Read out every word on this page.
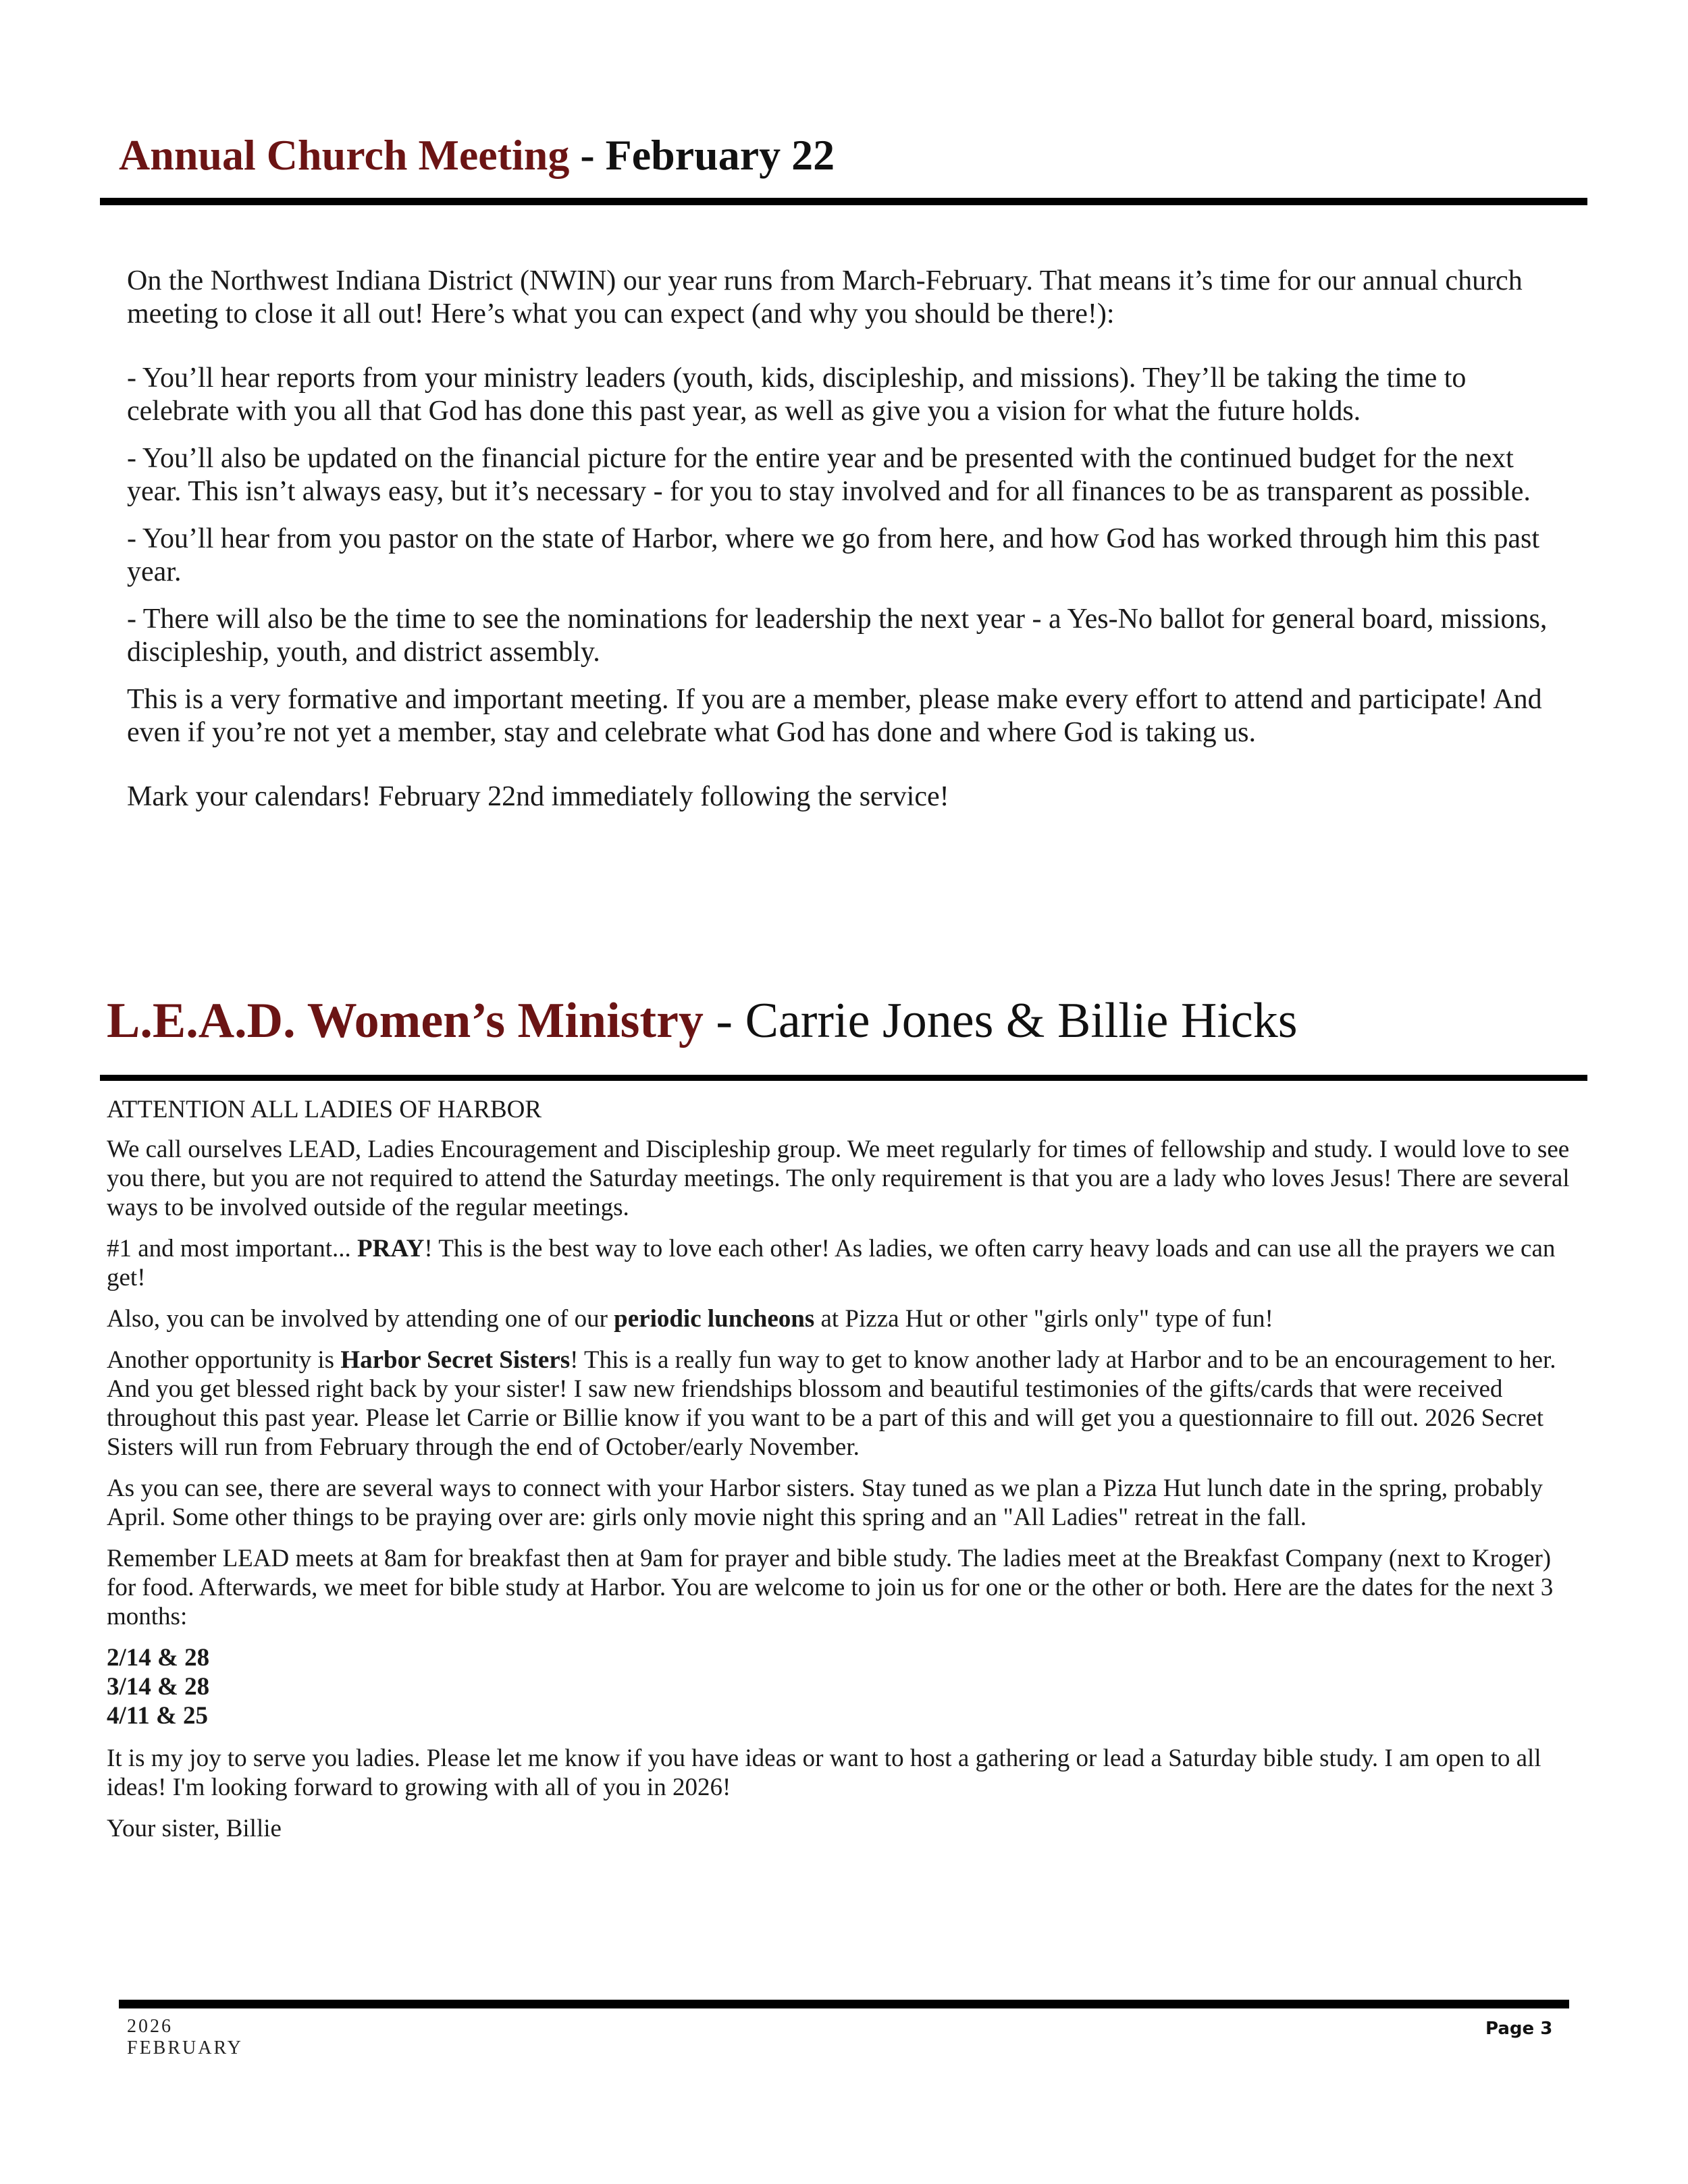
Annual Church Meeting - February 22

On the Northwest Indiana District (NWIN) our year runs from March-February. That means it’s time for our annual church meeting to close it all out! Here’s what you can expect (and why you should be there!):

- You’ll hear reports from your ministry leaders (youth, kids, discipleship, and missions). They’ll be taking the time to celebrate with you all that God has done this past year, as well as give you a vision for what the future holds.

- You’ll also be updated on the financial picture for the entire year and be presented with the continued budget for the next year. This isn’t always easy, but it’s necessary - for you to stay involved and for all finances to be as transparent as possible.

- You’ll hear from you pastor on the state of Harbor, where we go from here, and how God has worked through him this past year.

- There will also be the time to see the nominations for leadership the next year - a Yes-No ballot for general board, missions, discipleship, youth, and district assembly.

This is a very formative and important meeting. If you are a member, please make every effort to attend and participate! And even if you’re not yet a member, stay and celebrate what God has done and where God is taking us.

Mark your calendars! February 22nd immediately following the service!

L.E.A.D. Women’s Ministry - Carrie Jones & Billie Hicks

ATTENTION ALL LADIES OF HARBOR

We call ourselves LEAD, Ladies Encouragement and Discipleship group. We meet regularly for times of fellowship and study. I would love to see you there, but you are not required to attend the Saturday meetings. The only requirement is that you are a lady who loves Jesus! There are several ways to be involved outside of the regular meetings.

#1 and most important... PRAY! This is the best way to love each other! As ladies, we often carry heavy loads and can use all the prayers we can get!

Also, you can be involved by attending one of our periodic luncheons at Pizza Hut or other "girls only" type of fun!

Another opportunity is Harbor Secret Sisters! This is a really fun way to get to know another lady at Harbor and to be an encouragement to her. And you get blessed right back by your sister! I saw new friendships blossom and beautiful testimonies of the gifts/cards that were received throughout this past year. Please let Carrie or Billie know if you want to be a part of this and will get you a questionnaire to fill out. 2026 Secret Sisters will run from February through the end of October/early November.

As you can see, there are several ways to connect with your Harbor sisters. Stay tuned as we plan a Pizza Hut lunch date in the spring, probably April. Some other things to be praying over are: girls only movie night this spring and an "All Ladies" retreat in the fall.

Remember LEAD meets at 8am for breakfast then at 9am for prayer and bible study. The ladies meet at the Breakfast Company (next to Kroger) for food. Afterwards, we meet for bible study at Harbor. You are welcome to join us for one or the other or both. Here are the dates for the next 3 months:

2/14 & 28
3/14 & 28
4/11 & 25

It is my joy to serve you ladies. Please let me know if you have ideas or want to host a gathering or lead a Saturday bible study. I am open to all ideas! I'm looking forward to growing with all of you in 2026!

Your sister, Billie

2026
FEBRUARY
Page 3
